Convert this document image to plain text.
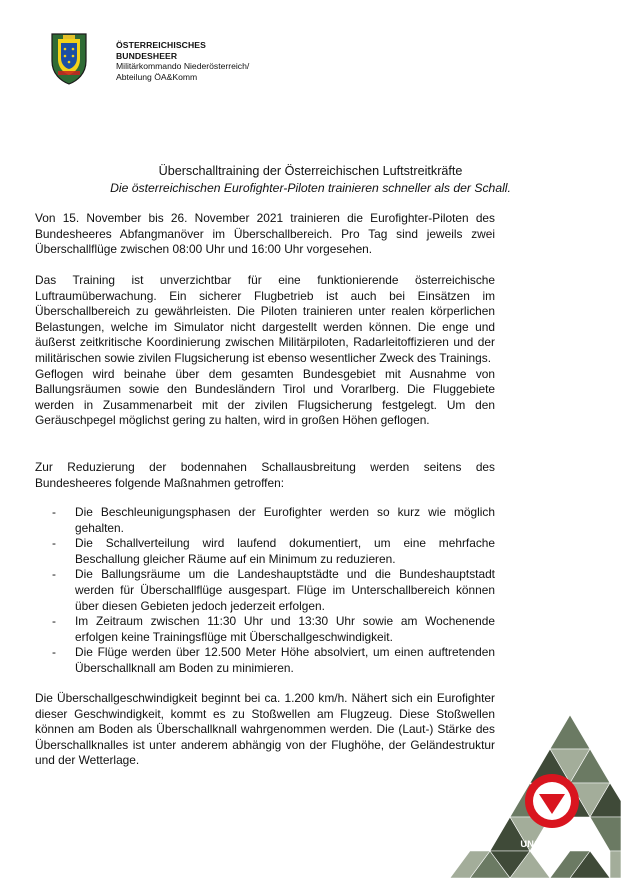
ÖSTERREICHISCHES
BUNDESHEER
Militärkommando Niederösterreich/
Abteilung ÖA&Komm
Überschalltraining der Österreichischen Luftstreitkräfte
Die österreichischen Eurofighter-Piloten trainieren schneller als der Schall.

Von 15. November bis 26. November 2021 trainieren die Eurofighter-Piloten des Bundesheeres Abfangmanöver im Überschallbereich. Pro Tag sind jeweils zwei Überschallflüge zwischen 08:00 Uhr und 16:00 Uhr vorgesehen.

Das Training ist unverzichtbar für eine funktionierende österreichische Luftraumüberwachung. Ein sicherer Flugbetrieb ist auch bei Einsätzen im Überschallbereich zu gewährleisten. Die Piloten trainieren unter realen körperlichen Belastungen, welche im Simulator nicht dargestellt werden können. Die enge und äußerst zeitkritische Koordinierung zwischen Militärpiloten, Radarleitoffizieren und der militärischen sowie zivilen Flugsicherung ist ebenso wesentlicher Zweck des Trainings.

Geflogen wird beinahe über dem gesamten Bundesgebiet mit Ausnahme von Ballungsräumen sowie den Bundesländern Tirol und Vorarlberg. Die Fluggebiete werden in Zusammenarbeit mit der zivilen Flugsicherung festgelegt. Um den Geräuschpegel möglichst gering zu halten, wird in großen Höhen geflogen.

Zur Reduzierung der bodennahen Schallausbreitung werden seitens des Bundesheeres folgende Maßnahmen getroffen:

- Die Beschleunigungsphasen der Eurofighter werden so kurz wie möglich gehalten.
- Die Schallverteilung wird laufend dokumentiert, um eine mehrfache Beschallung gleicher Räume auf ein Minimum zu reduzieren.
- Die Ballungsräume um die Landeshauptstädte und die Bundeshauptstadt werden für Überschallflüge ausgespart. Flüge im Unterschallbereich können über diesen Gebieten jedoch jederzeit erfolgen.
- Im Zeitraum zwischen 11:30 Uhr und 13:30 Uhr sowie am Wochenende erfolgen keine Trainingsflüge mit Überschallgeschwindigkeit.
- Die Flüge werden über 12.500 Meter Höhe absolviert, um einen auftretenden Überschallknall am Boden zu minimieren.

Die Überschallgeschwindigkeit beginnt bei ca. 1.200 km/h. Nähert sich ein Eurofighter dieser Geschwindigkeit, kommt es zu Stoßwellen am Flugzeug. Diese Stoßwellen können am Boden als Überschallknall wahrgenommen werden. Die (Laut-) Stärke des Überschallknalles ist unter anderem abhängig von der Flughöhe, der Geländestruktur und der Wetterlage.

UNSER HEER
